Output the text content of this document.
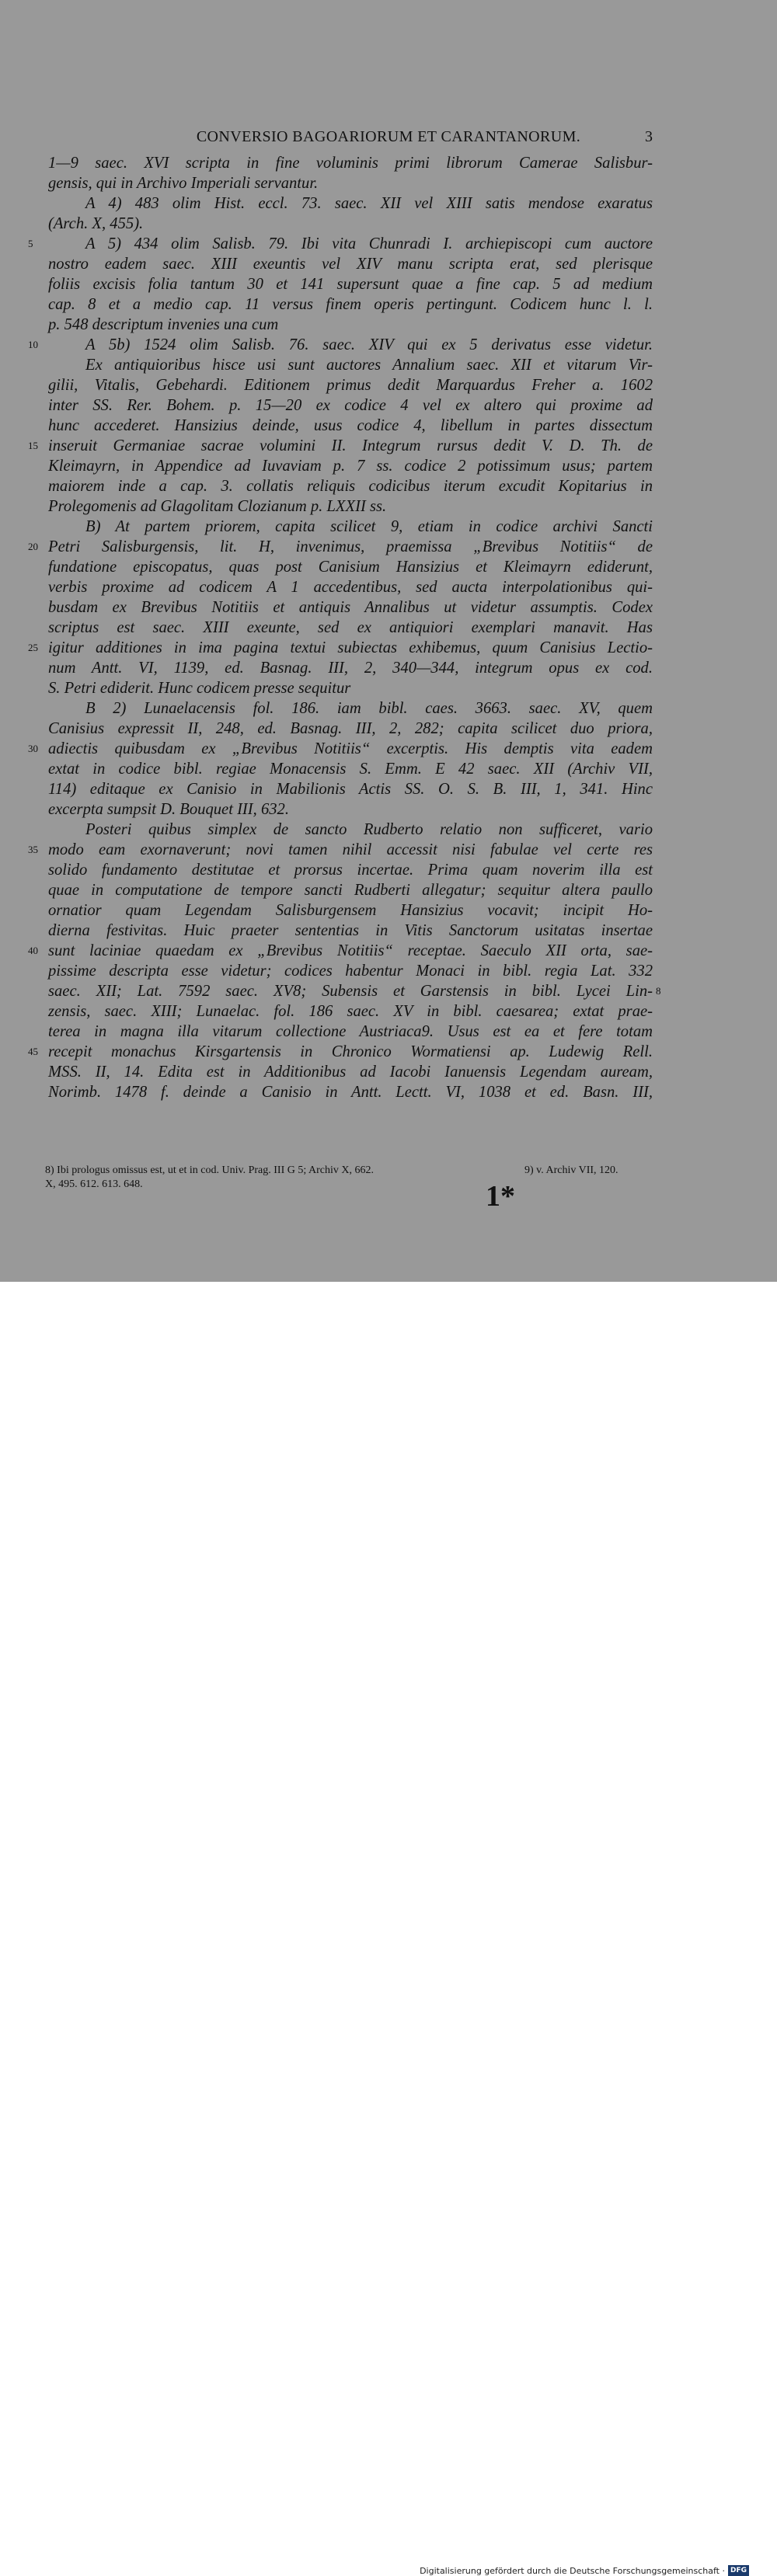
CONVERSIO BAGOARIORUM ET CARANTANORUM.	3
1—9 saec. XVI scripta in fine voluminis primi librorum Camerae Salisbur-
gensis, qui in Archivo Imperiali servantur.
A 4) 483 olim Hist. eccl. 73. saec. XII vel XIII satis mendose exaratus
(Arch. X, 455).
A 5) 434 olim Salisb. 79. Ibi vita Chunradi I. archiepiscopi cum auctore
nostro eadem saec. XIII exeuntis vel XIV manu scripta erat, sed plerisque
foliis excisis folia tantum 30 et 141 supersunt quae a fine cap. 5 ad medium
cap. 8 et a medio cap. 11 versus finem operis pertingunt. Codicem hunc l. l.
p. 548 descriptum invenies una cum
A 5b) 1524 olim Salisb. 76. saec. XIV qui ex 5 derivatus esse videtur.
Ex antiquioribus hisce usi sunt auctores Annalium saec. XII et vitarum Vir-
gilii, Vitalis, Gebehardi. Editionem primus dedit Marquardus Freher a. 1602
inter SS. Rer. Bohem. p. 15—20 ex codice 4 vel ex altero qui proxime ad
hunc accederet. Hansizius deinde, usus codice 4, libellum in partes dissectum
inseruit Germaniae sacrae volumini II. Integrum rursus dedit V. D. Th. de
Kleimayrn, in Appendice ad Iuvaviam p. 7 ss. codice 2 potissimum usus; partem
maiorem inde a cap. 3. collatis reliquis codicibus iterum excudit Kopitarius in
Prolegomenis ad Glagolitam Clozianum p. LXXII ss.
B) At partem priorem, capita scilicet 9, etiam in codice archivi Sancti
Petri Salisburgensis, lit. H, invenimus, praemissa „Brevibus Notitiis“ de
fundatione episcopatus, quas post Canisium Hansizius et Kleimayrn ediderunt,
verbis proxime ad codicem A 1 accedentibus, sed aucta interpolationibus qui-
busdam ex Brevibus Notitiis et antiquis Annalibus ut videtur assumptis. Codex
scriptus est saec. XIII exeunte, sed ex antiquiori exemplari manavit. Has
igitur additiones in ima pagina textui subiectas exhibemus, quum Canisius Lectio-
num Antt. VI, 1139, ed. Basnag. III, 2, 340—344, integrum opus ex cod.
S. Petri ediderit. Hunc codicem presse sequitur
B 2) Lunaelacensis fol. 186. iam bibl. caes. 3663. saec. XV, quem
Canisius expressit II, 248, ed. Basnag. III, 2, 282; capita scilicet duo priora,
adiectis quibusdam ex „Brevibus Notitiis“ excerptis. His demptis vita eadem
extat in codice bibl. regiae Monacensis S. Emm. E 42 saec. XII (Archiv VII,
114) editaque ex Canisio in Mabilionis Actis SS. O. S. B. III, 1, 341. Hinc
excerpta sumpsit D. Bouquet III, 632.
Posteri quibus simplex de sancto Rudberto relatio non sufficeret, vario
modo eam exornaverunt; novi tamen nihil accessit nisi fabulae vel certe res
solido fundamento destitutae et prorsus incertae. Prima quam noverim illa est
quae in computatione de tempore sancti Rudberti allegatur; sequitur altera paullo
ornatior quam Legendam Salisburgensem Hansizius vocavit; incipit Ho-
dierna festivitas. Huic praeter sententias in Vitis Sanctorum usitatas insertae
sunt laciniae quaedam ex „Brevibus Notitiis“ receptae. Saeculo XII orta, sae-
pissime descripta esse videtur; codices habentur Monaci in bibl. regia Lat. 332
saec. XII; Lat. 7592 saec. XV8; Subensis et Garstensis in bibl. Lycei Lin-
zensis, saec. XIII; Lunaelac. fol. 186 saec. XV in bibl. caesarea; extat prae-
terea in magna illa vitarum collectione Austriaca9. Usus est ea et fere totam
recepit monachus Kirsgartensis in Chronico Wormatiensi ap. Ludewig Rell.
MSS. II, 14. Edita est in Additionibus ad Iacobi Ianuensis Legendam auream,
Norimb. 1478 f. deinde a Canisio in Antt. Lectt. VI, 1038 et ed. Basn. III,
5
10
15
20
25
30
35
40
45
8
8) Ibi prologus omissus est, ut et in cod. Univ. Prag. III G 5; Archiv X, 662.	9) v. Archiv VII, 120.
X, 495. 612. 613. 648.	1*
Digitalisierung gefördert durch die Deutsche Forschungsgemeinschaft · DFG
